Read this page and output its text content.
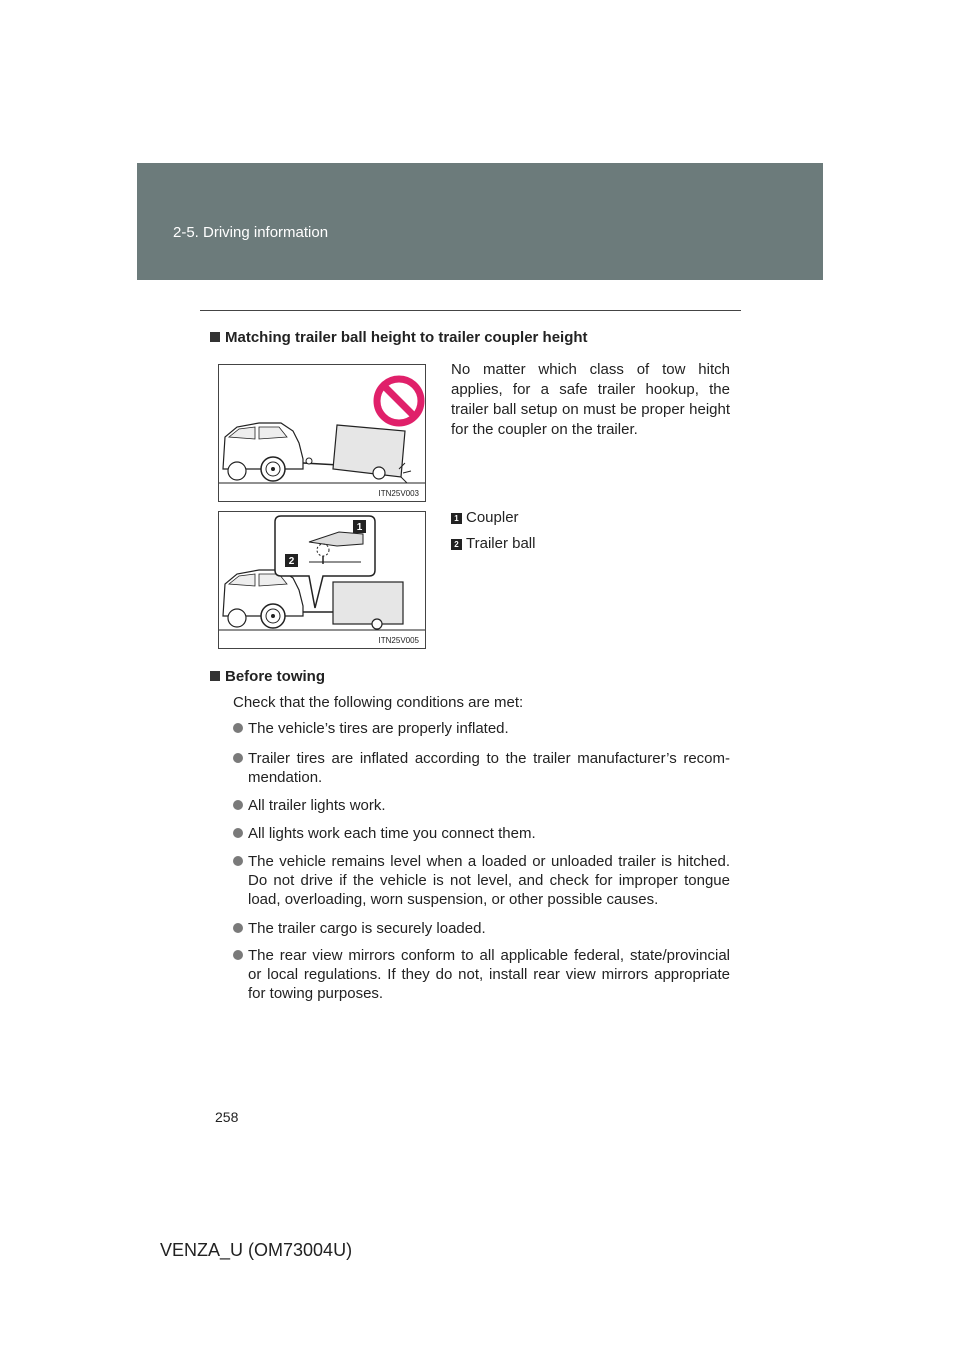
2-5. Driving information
Matching trailer ball height to trailer coupler height
ITN25V003
1
2
ITN25V005
No matter which class of tow hitch applies, for a safe trailer hookup, the trailer ball setup on must be proper height for the coupler on the trailer.
1 Coupler
2 Trailer ball
Before towing
Check that the following conditions are met:
The vehicle’s tires are properly inflated.
Trailer tires are inflated according to the trailer manufacturer’s recom-mendation.
All trailer lights work.
All lights work each time you connect them.
The vehicle remains level when a loaded or unloaded trailer is hitched. Do not drive if the vehicle is not level, and check for improper tongue load, overloading, worn suspension, or other possible causes.
The trailer cargo is securely loaded.
The rear view mirrors conform to all applicable federal, state/provincial or local regulations. If they do not, install rear view mirrors appropriate for towing purposes.
258
VENZA_U (OM73004U)
